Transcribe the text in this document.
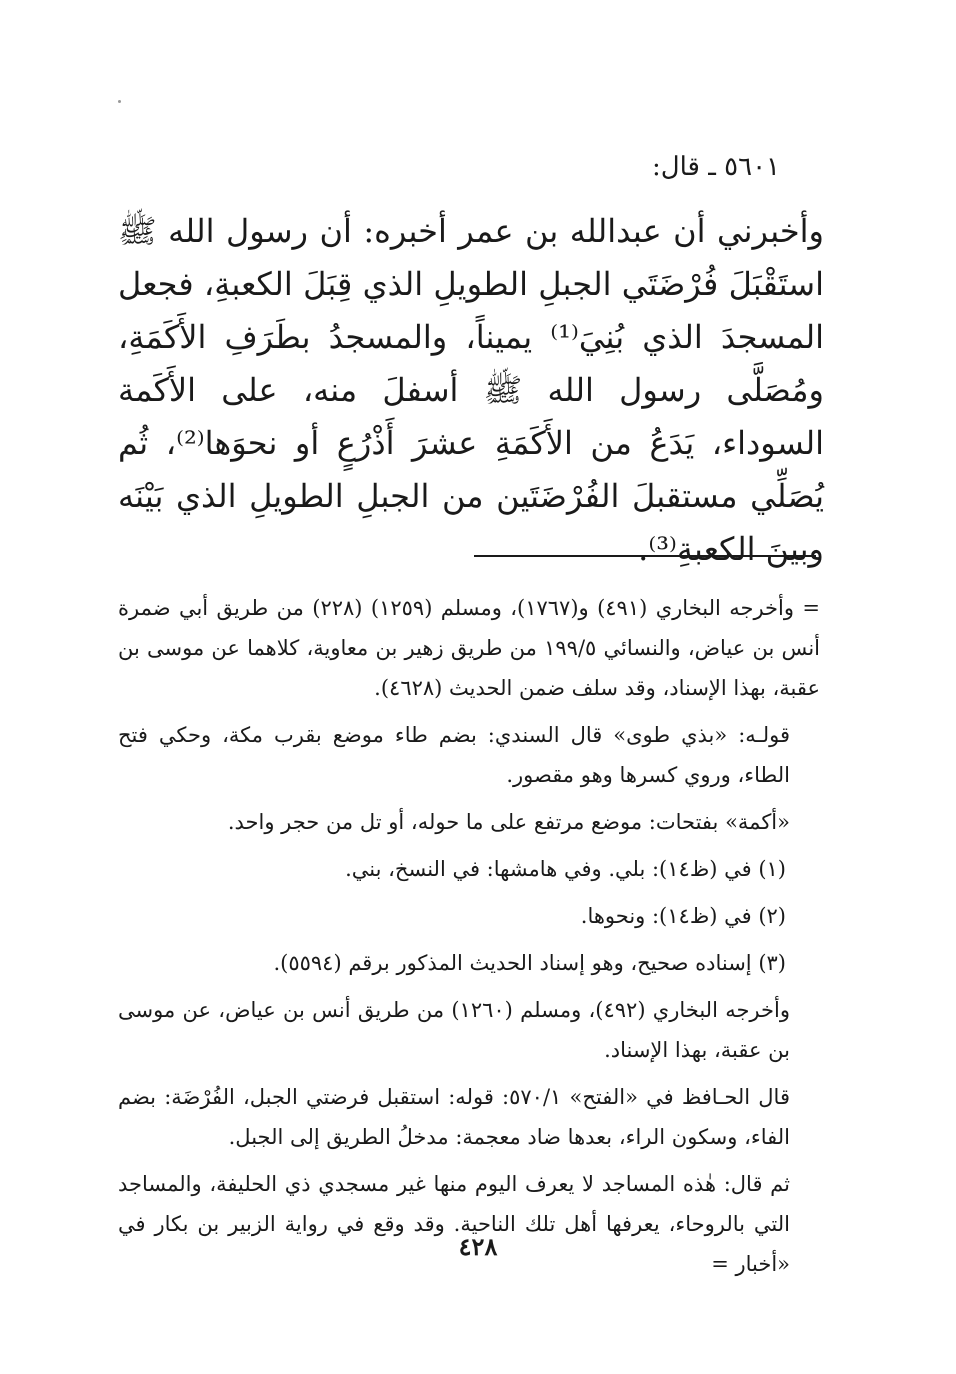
٥٦٠١ ـ قال:

وأخبرني أن عبدالله بن عمر أخبره: أن رسول الله ﷺ استَقْبَلَ فُرْضَتَي الجبلِ الطويلِ الذي قِبَلَ الكعبةِ، فجعل المسجدَ الذي بُنِيَ⁽¹⁾ يميناً، والمسجدُ بطَرَفِ الأَكَمَةِ، ومُصَلَّى رسول الله ﷺ أسفلَ منه، على الأَكَمة السوداء، يَدَعُ من الأَكَمَةِ عشرَ أَذْرُعٍ أو نحوَها⁽²⁾، ثُم يُصَلِّي مستقبلَ الفُرْضَتَين من الجبلِ الطويلِ الذي بَيْنَه وبينَ الكعبةِ⁽³⁾.

= وأخرجه البخاري (٤٩١) و(١٧٦٧)، ومسلم (١٢٥٩) (٢٢٨) من طريق أبي ضمرة أنس بن عياض، والنسائي ١٩٩/٥ من طريق زهير بن معاوية، كلاهما عن موسى بن عقبة، بهذا الإسناد، وقد سلف ضمن الحديث (٤٦٢٨).

قولـه: «بذي طوى» قال السندي: بضم طاء موضع بقرب مكة، وحكي فتح الطاء، وروي كسرها وهو مقصور.

«أكمة» بفتحات: موضع مرتفع على ما حوله، أو تل من حجر واحد.

(١) في (ظ١٤): بلي. وفي هامشها: في النسخ، بني.

(٢) في (ظ١٤): ونحوها.

(٣) إسناده صحيح، وهو إسناد الحديث المذكور برقم (٥٥٩٤).

وأخرجه البخاري (٤٩٢)، ومسلم (١٢٦٠) من طريق أنس بن عياض، عن موسى بن عقبة، بهذا الإسناد.

قال الحـافظ في «الفتح» ٥٧٠/١: قوله: استقبل فرضتي الجبل، الفُرْضَة: بضم الفاء، وسكون الراء، بعدها ضاد معجمة: مدخلُ الطريق إلى الجبل.

ثم قال: هٰذه المساجد لا يعرف اليوم منها غير مسجدي ذي الحليفة، والمساجد التي بالروحاء، يعرفها أهل تلك الناحية. وقد وقع في رواية الزبير بن بكار في «أخبار =

٤٢٨
